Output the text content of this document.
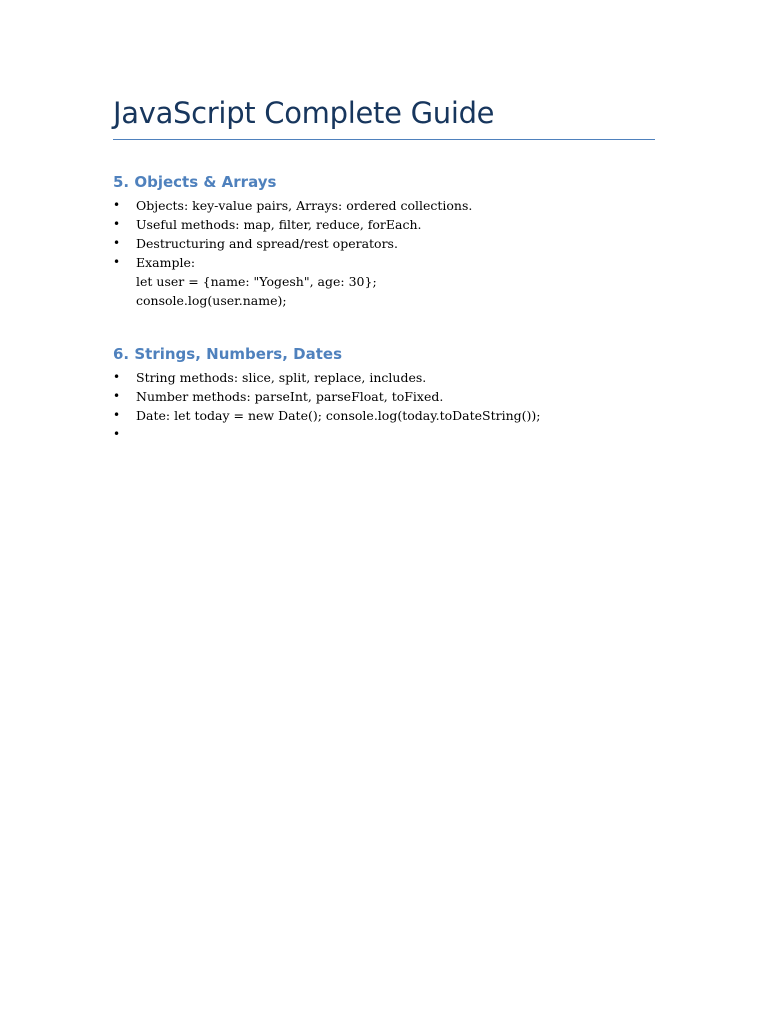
JavaScript Complete Guide
5. Objects & Arrays
• Objects: key-value pairs, Arrays: ordered collections.
• Useful methods: map, filter, reduce, forEach.
• Destructuring and spread/rest operators.
• Example:
let user = {name: "Yogesh", age: 30};
console.log(user.name);
6. Strings, Numbers, Dates
• String methods: slice, split, replace, includes.
• Number methods: parseInt, parseFloat, toFixed.
• Date: let today = new Date(); console.log(today.toDateString());
•
